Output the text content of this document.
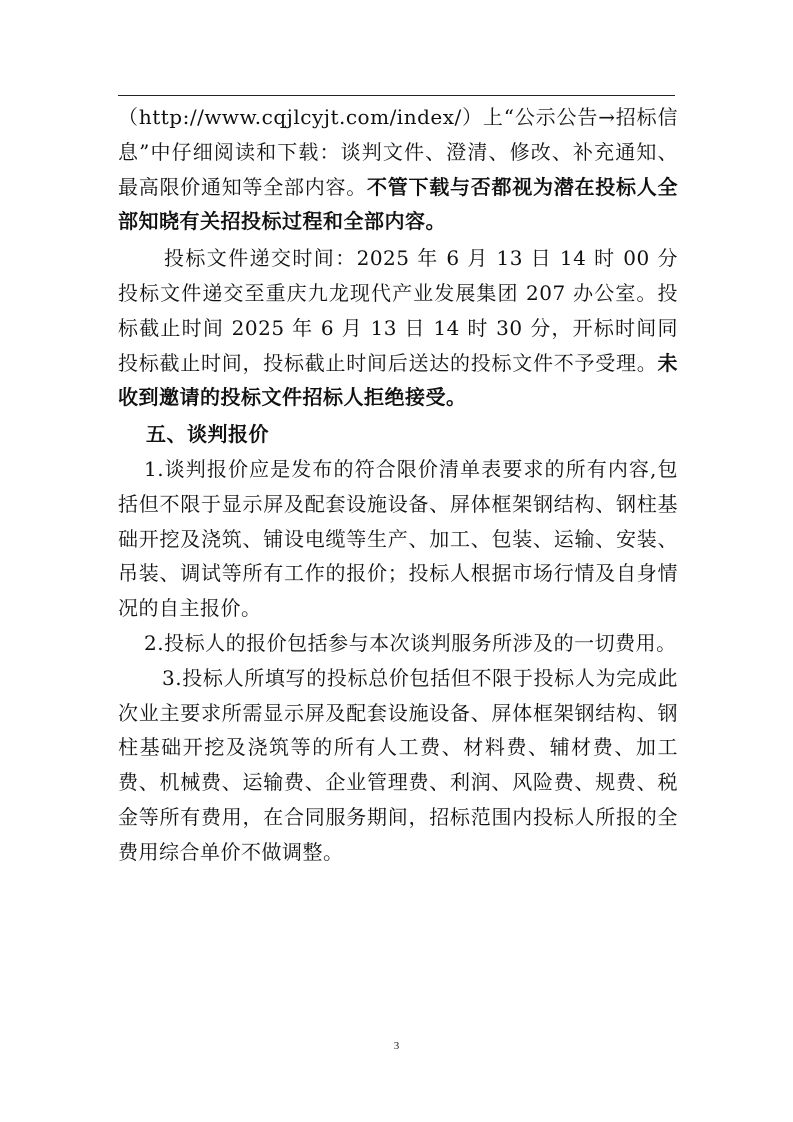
（http://www.cqjlcyjt.com/index/）上“公示公告→招标信息”中仔细阅读和下载：谈判文件、澄清、修改、补充通知、最高限价通知等全部内容。不管下载与否都视为潜在投标人全部知晓有关招投标过程和全部内容。

投标文件递交时间：2025 年 6 月 13 日 14 时 00 分投标文件递交至重庆九龙现代产业发展集团 207 办公室。投标截止时间 2025 年 6 月 13 日 14 时 30 分，开标时间同投标截止时间，投标截止时间后送达的投标文件不予受理。未收到邀请的投标文件招标人拒绝接受。

五、谈判报价

1.谈判报价应是发布的符合限价清单表要求的所有内容,包括但不限于显示屏及配套设施设备、屏体框架钢结构、钢柱基础开挖及浇筑、铺设电缆等生产、加工、包装、运输、安装、吊装、调试等所有工作的报价；投标人根据市场行情及自身情况的自主报价。

2.投标人的报价包括参与本次谈判服务所涉及的一切费用。

3.投标人所填写的投标总价包括但不限于投标人为完成此次业主要求所需显示屏及配套设施设备、屏体框架钢结构、钢柱基础开挖及浇筑等的所有人工费、材料费、辅材费、加工费、机械费、运输费、企业管理费、利润、风险费、规费、税金等所有费用，在合同服务期间，招标范围内投标人所报的全费用综合单价不做调整。

3
